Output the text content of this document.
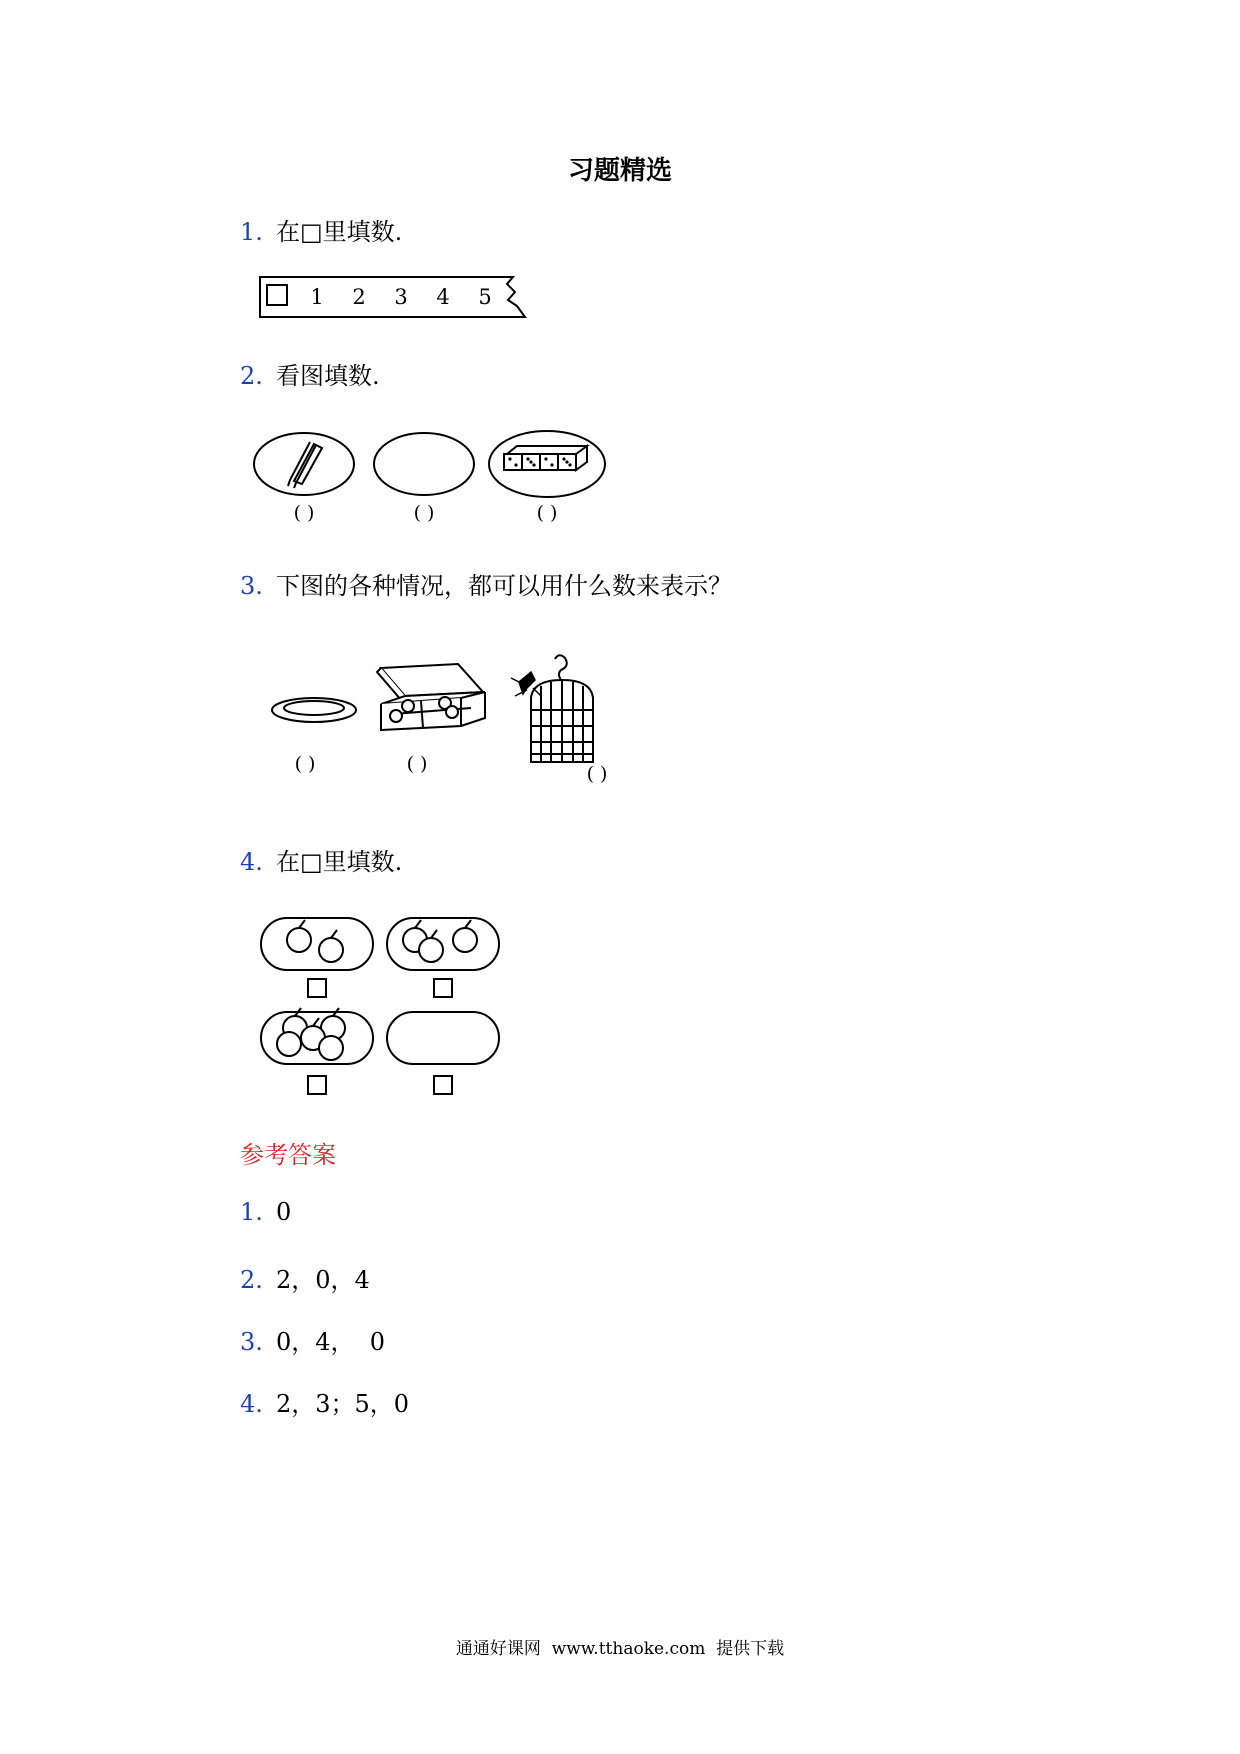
习题精选
1. 在□里填数.
1 2 3 4 5
2. 看图填数.
( )	( )	( )
3. 下图的各种情况，都可以用什么数来表示？
( )	( )	( )
4. 在□里填数.
参考答案
1. 0
2. 2，0，4
3. 0，4，  0
4. 2，3；5，0
通通好课网  www.tthaoke.com  提供下载
